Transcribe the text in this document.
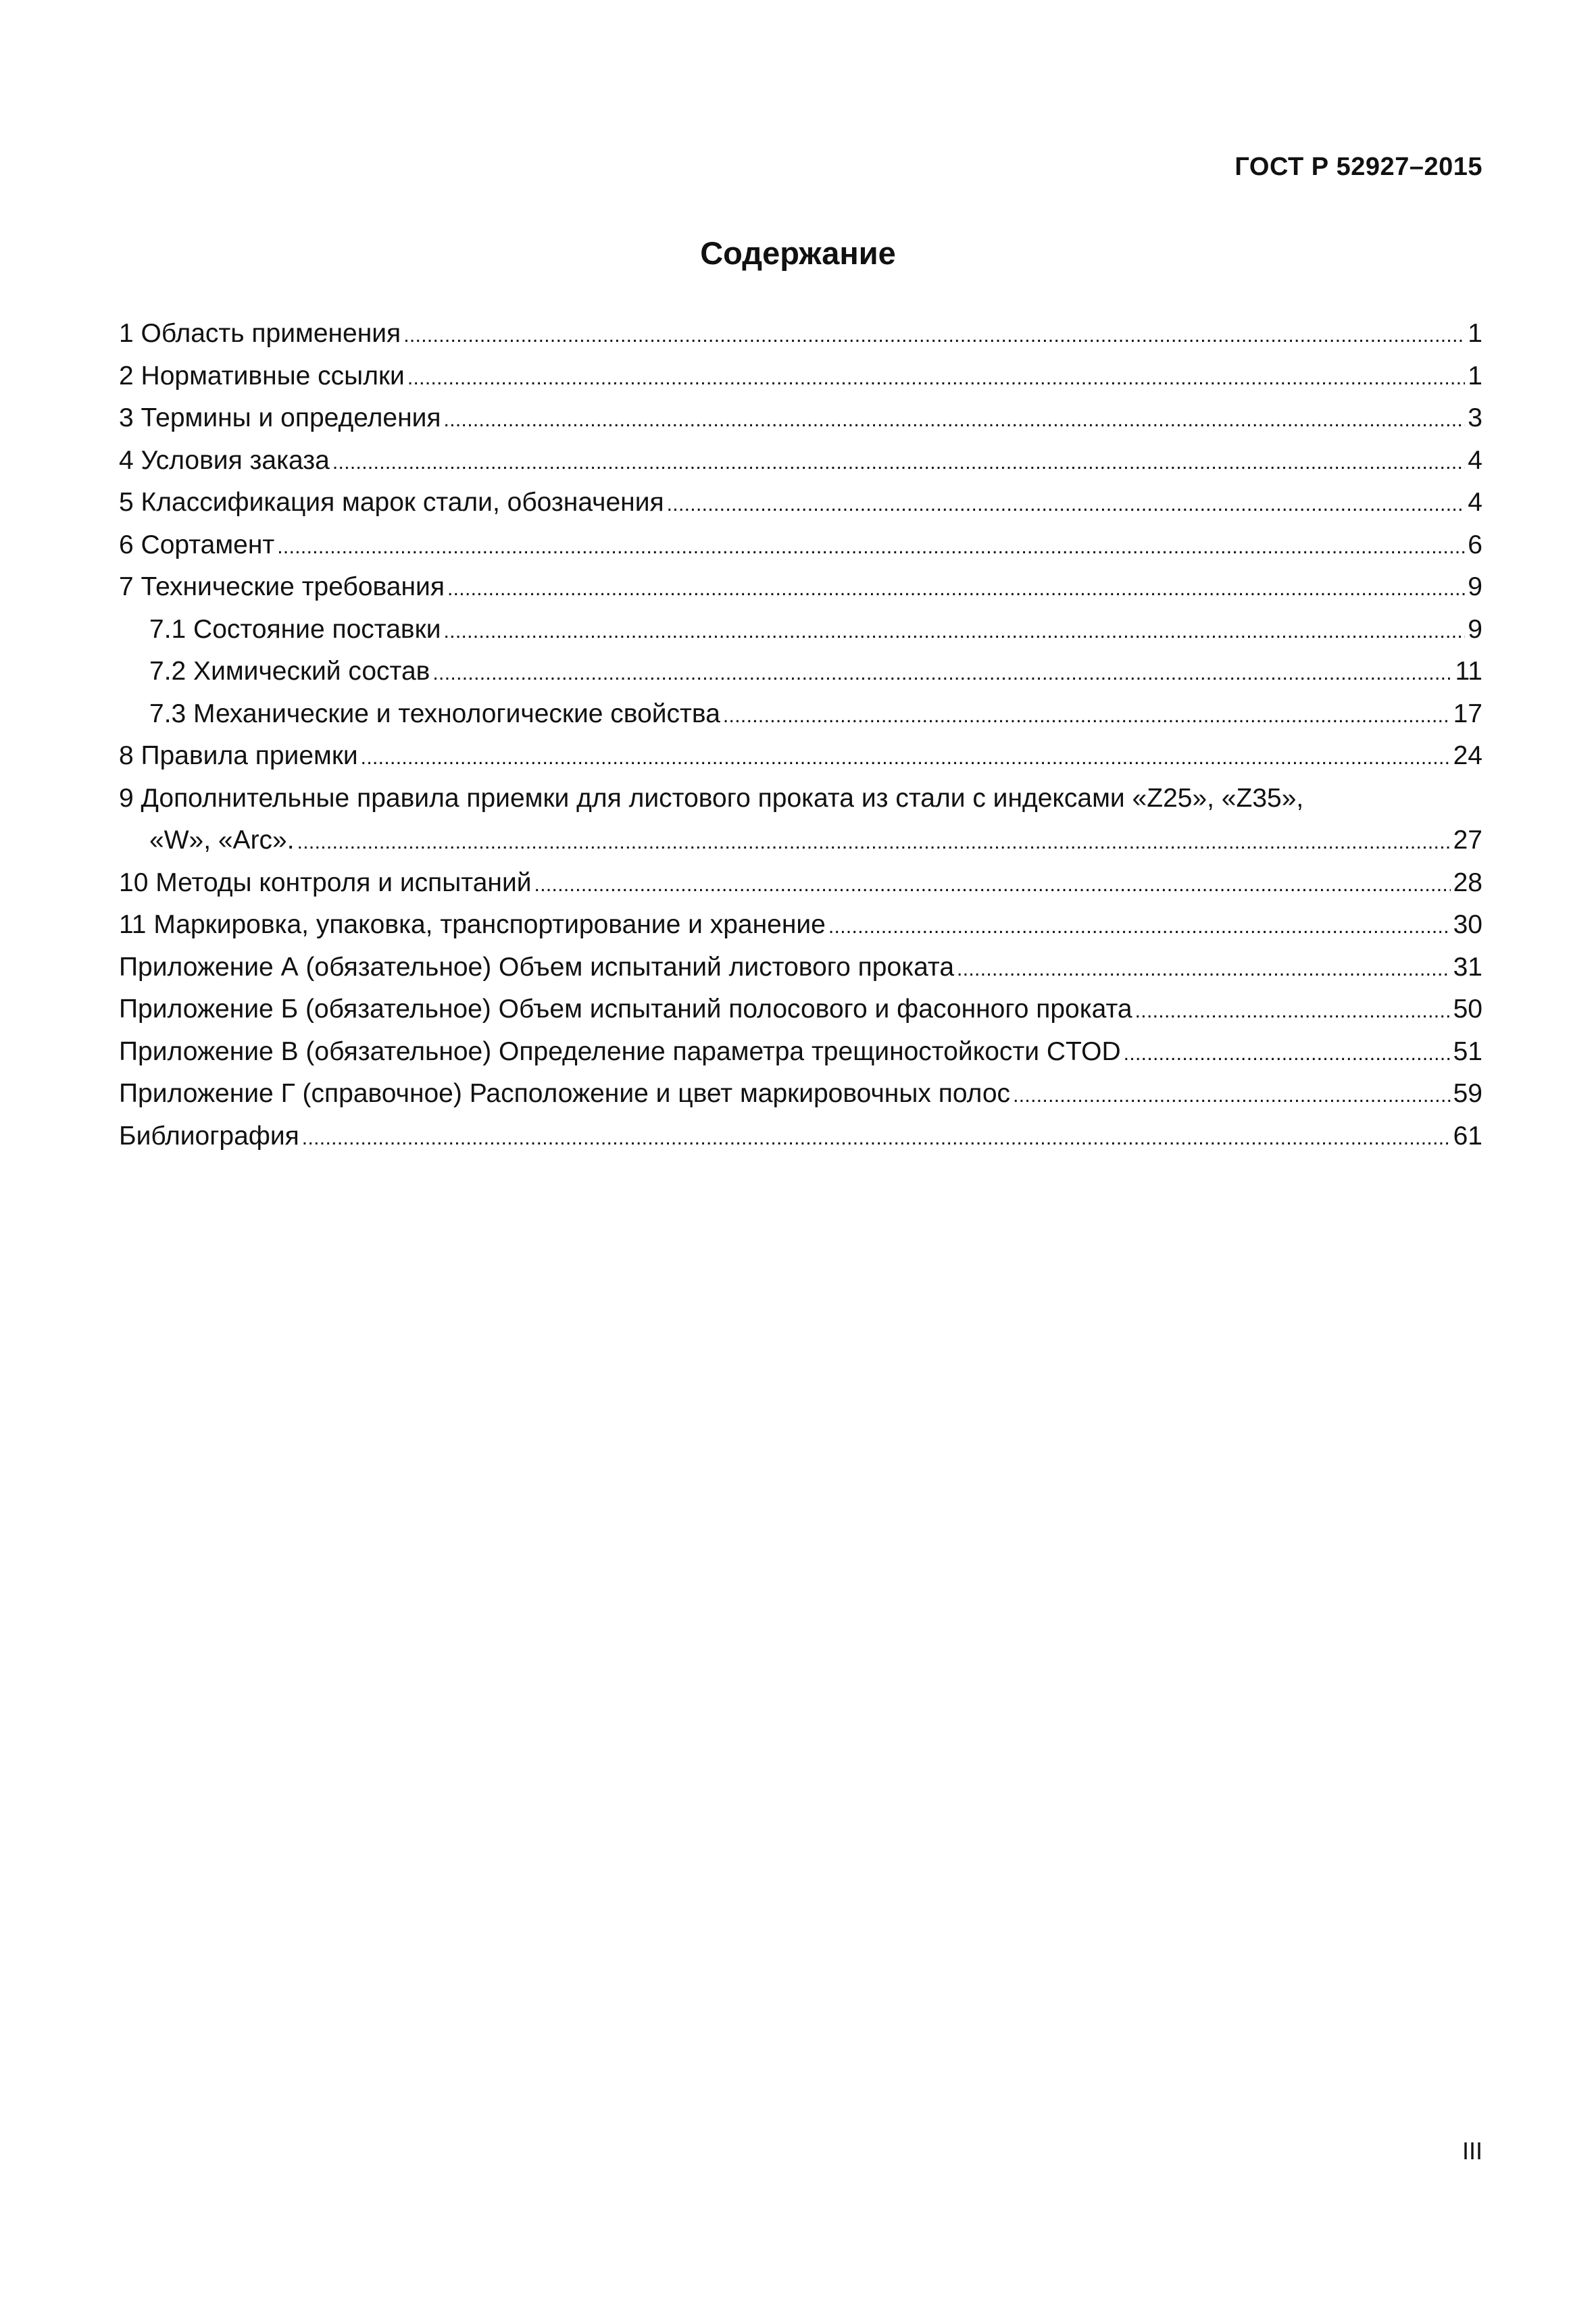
ГОСТ Р 52927–2015
Содержание
1 Область применения . . .	1
2 Нормативные ссылки . . .	1
3 Термины и определения . . .	3
4 Условия заказа . . .	4
5 Классификация марок стали, обозначения . . .	4
6 Сортамент . . .	6
7 Технические требования . . .	9
7.1 Состояние поставки . . .	9
7.2 Химический состав . . .	11
7.3 Механические и технологические свойства . . .	17
8 Правила приемки . . .	24
9 Дополнительные правила приемки для листового проката из стали с индексами «Z25», «Z35»,
«W», «Arc». . . .	27
10 Методы контроля и испытаний . . .	28
11 Маркировка, упаковка, транспортирование и хранение . . .	30
Приложение А (обязательное) Объем испытаний листового проката . . .	31
Приложение Б (обязательное) Объем испытаний полосового и фасонного проката . . .	50
Приложение В (обязательное) Определение параметра трещиностойкости CTOD . . .	51
Приложение Г (справочное) Расположение и цвет маркировочных полос . . .	59
Библиография . . .	61
III
